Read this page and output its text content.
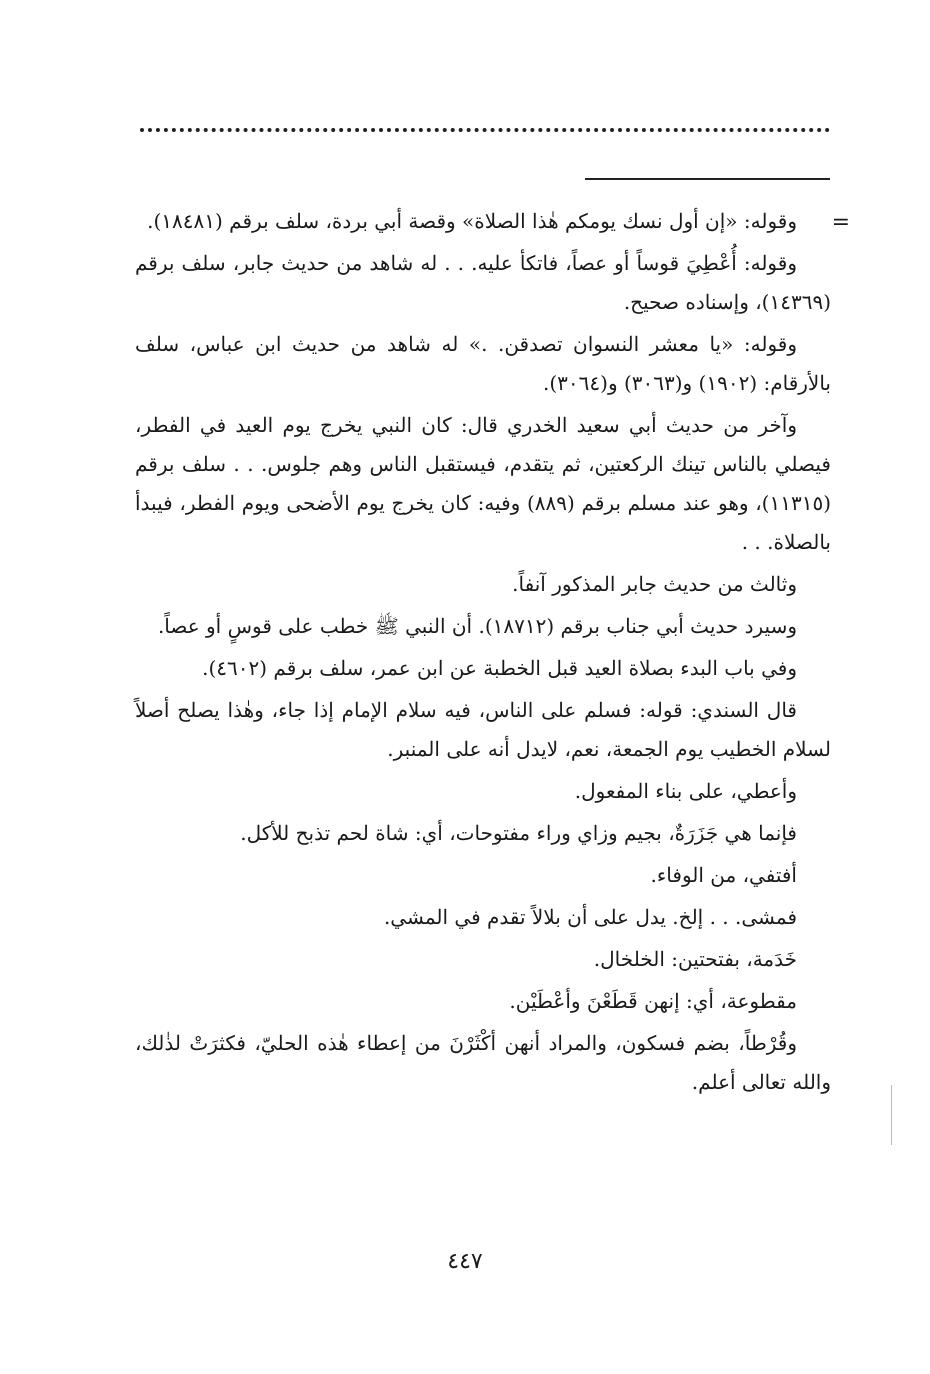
=

وقوله: «إن أول نسك يومكم هٰذا الصلاة» وقصة أبي بردة، سلف برقم (١٨٤٨١).

وقوله: أُعْطِيَ قوساً أو عصاً، فاتكأ عليه. . . له شاهد من حديث جابر، سلف برقم (١٤٣٦٩)، وإسناده صحيح.

وقوله: «يا معشر النسوان تصدقن. .» له شاهد من حديث ابن عباس، سلف بالأرقام: (١٩٠٢) و(٣٠٦٣) و(٣٠٦٤).

وآخر من حديث أبي سعيد الخدري قال: كان النبي يخرج يوم العيد في الفطر، فيصلي بالناس تينك الركعتين، ثم يتقدم، فيستقبل الناس وهم جلوس. . . سلف برقم (١١٣١٥)، وهو عند مسلم برقم (٨٨٩) وفيه: كان يخرج يوم الأضحى ويوم الفطر، فيبدأ بالصلاة. . .

وثالث من حديث جابر المذكور آنفاً.

وسيرد حديث أبي جناب برقم (١٨٧١٢). أن النبي ﷺ خطب على قوسٍ أو عصاً.

وفي باب البدء بصلاة العيد قبل الخطبة عن ابن عمر، سلف برقم (٤٦٠٢).

قال السندي: قوله: فسلم على الناس، فيه سلام الإمام إذا جاء، وهٰذا يصلح أصلاً لسلام الخطيب يوم الجمعة، نعم، لايدل أنه على المنبر.

وأعطي، على بناء المفعول.

فإنما هي جَزَرَةٌ، بجيم وزاي وراء مفتوحات، أي: شاة لحم تذبح للأكل.

أفتفي، من الوفاء.

فمشى. . . إلخ. يدل على أن بلالاً تقدم في المشي.

خَدَمة، بفتحتين: الخلخال.

مقطوعة، أي: إنهن قَطَعْنَ وأعْطَيْن.

وقُرْطاً، بضم فسكون، والمراد أنهن أكْثَرْنَ من إعطاء هٰذه الحليّ، فكثرَتْ لذٰلك، والله تعالى أعلم.

٤٤٧
